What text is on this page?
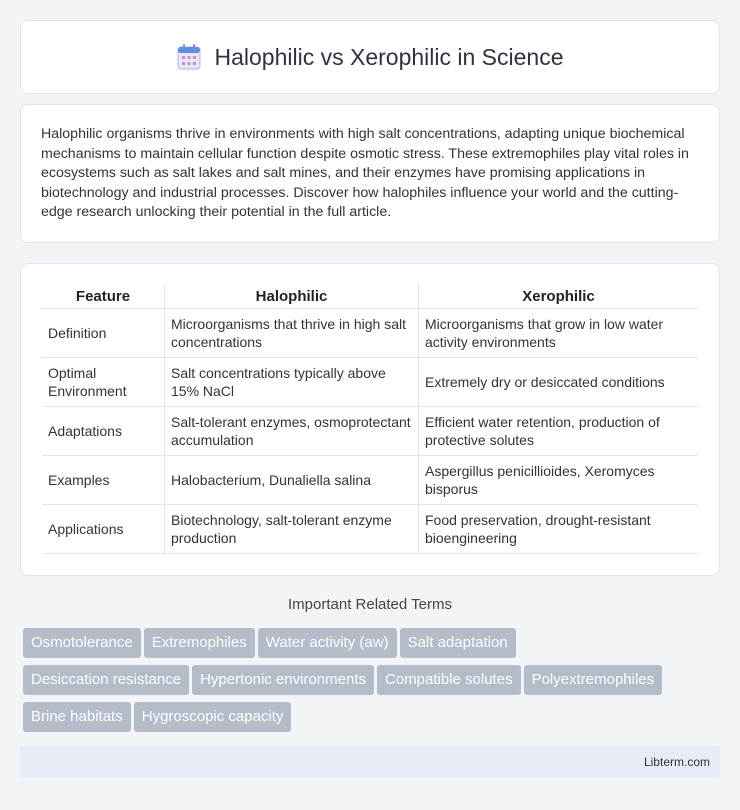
Halophilic vs Xerophilic in Science

Halophilic organisms thrive in environments with high salt concentrations, adapting unique biochemical mechanisms to maintain cellular function despite osmotic stress. These extremophiles play vital roles in ecosystems such as salt lakes and salt mines, and their enzymes have promising applications in biotechnology and industrial processes. Discover how halophiles influence your world and the cutting-edge research unlocking their potential in the full article.

Feature	Halophilic	Xerophilic
Definition	Microorganisms that thrive in high salt concentrations	Microorganisms that grow in low water activity environments
Optimal Environment	Salt concentrations typically above 15% NaCl	Extremely dry or desiccated conditions
Adaptations	Salt-tolerant enzymes, osmoprotectant accumulation	Efficient water retention, production of protective solutes
Examples	Halobacterium, Dunaliella salina	Aspergillus penicillioides, Xeromyces bisporus
Applications	Biotechnology, salt-tolerant enzyme production	Food preservation, drought-resistant bioengineering
Important Related Terms
Osmotolerance Extremophiles Water activity (aw) Salt adaptation
Desiccation resistance Hypertonic environments Compatible solutes Polyextremophiles
Brine habitats Hygroscopic capacity
Libterm.com
